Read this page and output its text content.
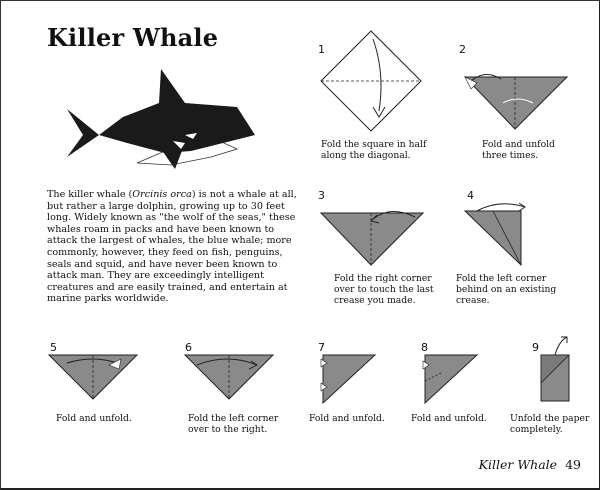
Killer Whale
The killer whale (Orcinis orca) is not a whale at all, but rather a large dolphin, growing up to 30 feet long. Widely known as "the wolf of the seas," these whales roam in packs and have been known to attack the largest of whales, the blue whale; more commonly, however, they feed on fish, penguins, seals and squid, and have never been known to attack man. They are exceedingly intelligent creatures and are easily trained, and entertain at marine parks worldwide.
1
Fold the square in half along the diagonal.
2
Fold and unfold three times.
3
Fold the right corner over to touch the last crease you made.
4
Fold the left corner behind on an existing crease.
5
Fold and unfold.
6
Fold the left corner over to the right.
7
Fold and unfold.
8
Fold and unfold.
9
Unfold the paper completely.
Killer Whale 49
